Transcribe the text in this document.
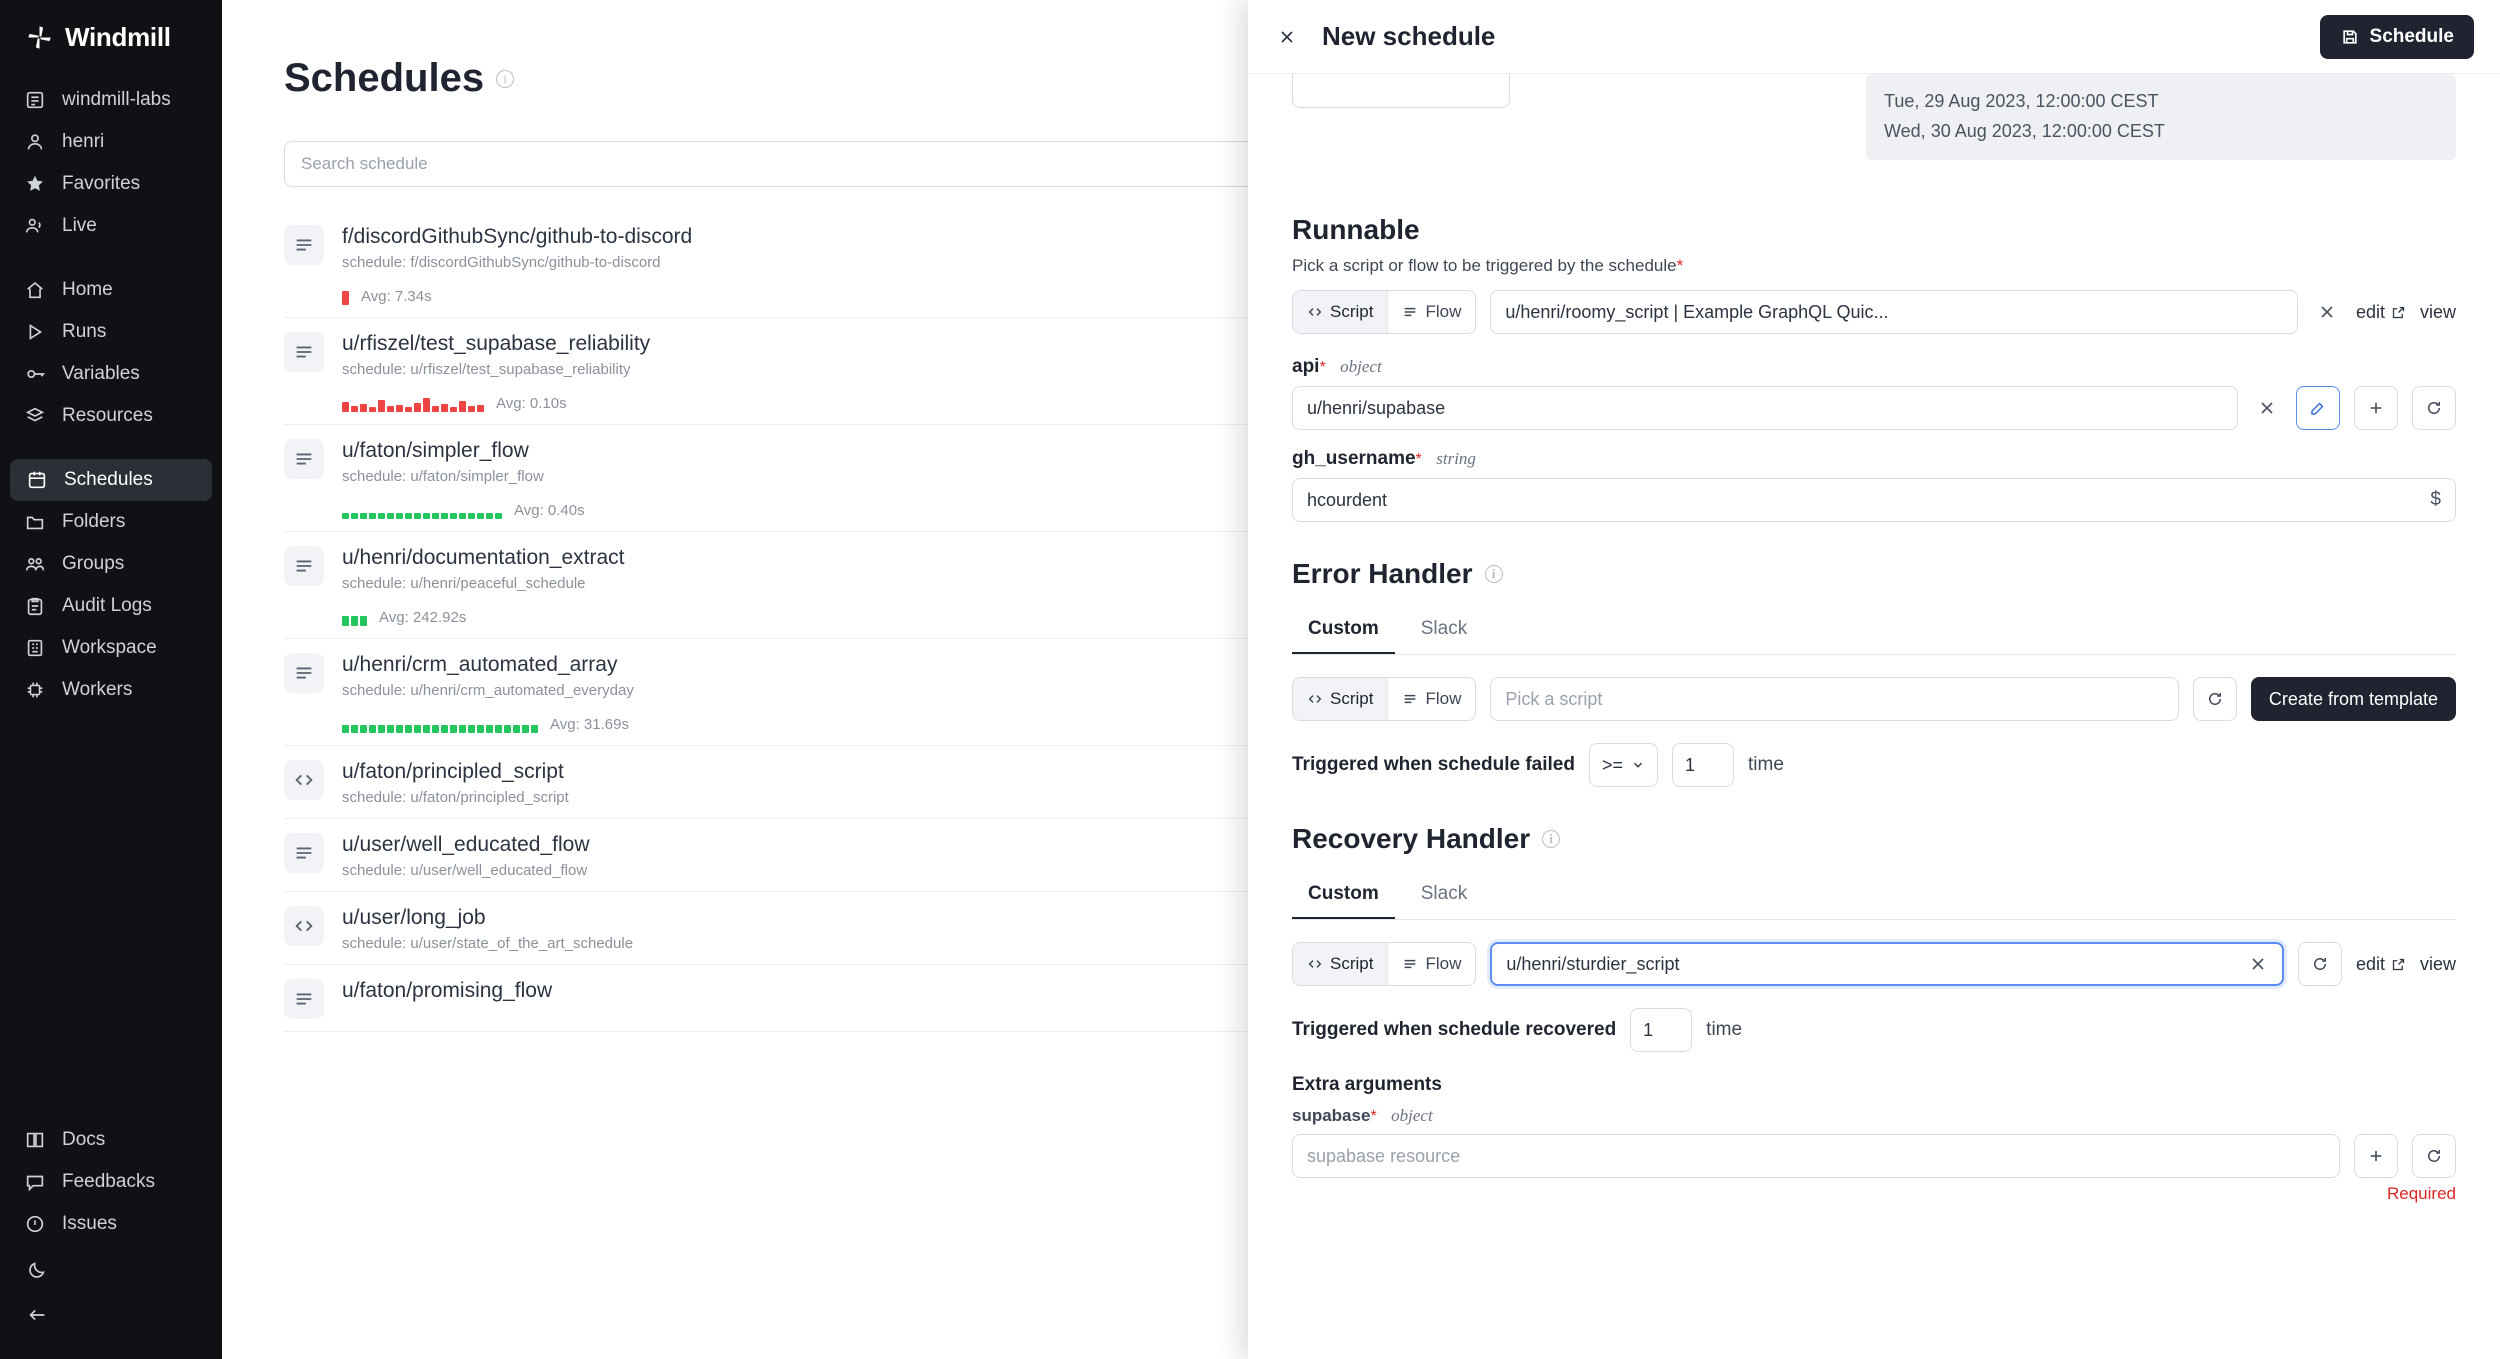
Windmill
windmill-labs
henri
Favorites
Live
Home
Runs
Variables
Resources
Schedules
Folders
Groups
Audit Logs
Workspace
Workers
Docs
Feedbacks
Issues
Schedules	i
Search schedule
f/discordGithubSync/github-to-discord
schedule: f/discordGithubSync/github-to-discord
Avg: 7.34s
u/rfiszel/test_supabase_reliability
schedule: u/rfiszel/test_supabase_reliability
Avg: 0.10s
u/faton/simpler_flow
schedule: u/faton/simpler_flow
Avg: 0.40s
u/henri/documentation_extract
schedule: u/henri/peaceful_schedule
Avg: 242.92s
u/henri/crm_automated_array
schedule: u/henri/crm_automated_everyday
Avg: 31.69s
u/faton/principled_script
schedule: u/faton/principled_script
u/user/well_educated_flow
schedule: u/user/well_educated_flow
u/user/long_job
schedule: u/user/state_of_the_art_schedule
u/faton/promising_flow
New schedule	Schedule
Tue, 29 Aug 2023, 12:00:00 CEST
Wed, 30 Aug 2023, 12:00:00 CEST
Runnable
Pick a script or flow to be triggered by the schedule*
Script	Flow u/henri/roomy_script | Example GraphQL Quic...	edit view
api* object
u/henri/supabase
gh_username* string
hcourdent	$
Error Handler	i
Custom	Slack
Script	Flow Pick a script	Create from template
Triggered when schedule failed >=	1	time
Recovery Handler	i
Custom	Slack
Script	Flow	u/henri/sturdier_script	edit view
Triggered when schedule recovered 1	time
Extra arguments
supabase* object
supabase resource
Required
